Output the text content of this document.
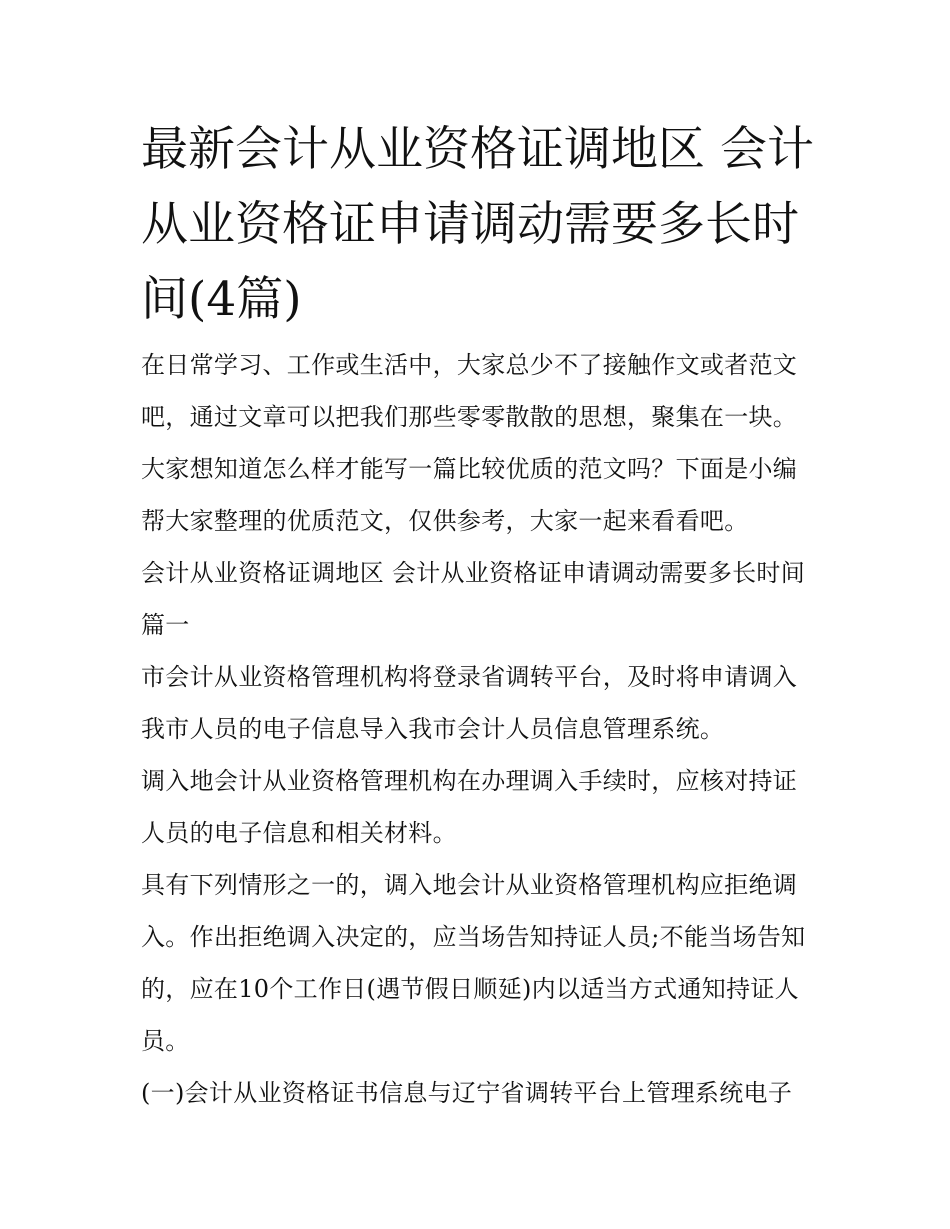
最新会计从业资格证调地区 会计从业资格证申请调动需要多长时间(4篇)

在日常学习、工作或生活中，大家总少不了接触作文或者范文吧，通过文章可以把我们那些零零散散的思想，聚集在一块。大家想知道怎么样才能写一篇比较优质的范文吗？下面是小编帮大家整理的优质范文，仅供参考，大家一起来看看吧。

会计从业资格证调地区 会计从业资格证申请调动需要多长时间篇一

市会计从业资格管理机构将登录省调转平台，及时将申请调入我市人员的电子信息导入我市会计人员信息管理系统。

调入地会计从业资格管理机构在办理调入手续时，应核对持证人员的电子信息和相关材料。

具有下列情形之一的，调入地会计从业资格管理机构应拒绝调入。作出拒绝调入决定的，应当场告知持证人员;不能当场告知的，应在10个工作日(遇节假日顺延)内以适当方式通知持证人员。

(一)会计从业资格证书信息与辽宁省调转平台上管理系统电子
